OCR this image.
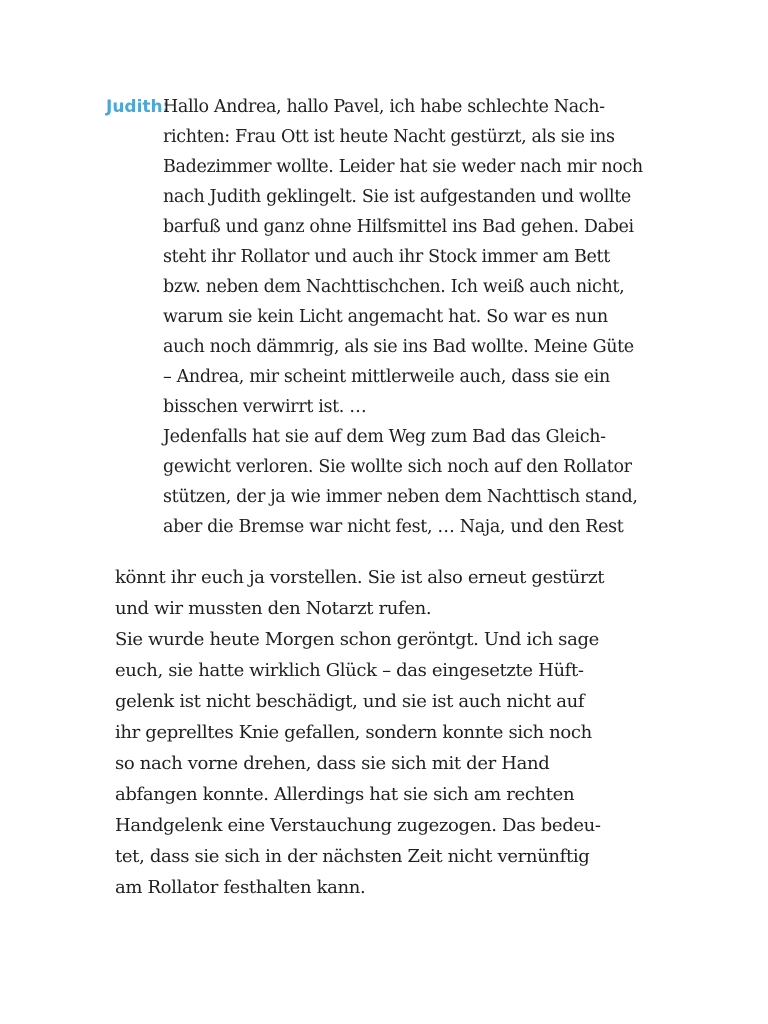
Judith:
Hallo Andrea, hallo Pavel, ich habe schlechte Nach-
richten: Frau Ott ist heute Nacht gestürzt, als sie ins
Badezimmer wollte. Leider hat sie weder nach mir noch
nach Judith geklingelt. Sie ist aufgestanden und wollte
barfuß und ganz ohne Hilfsmittel ins Bad gehen. Dabei
steht ihr Rollator und auch ihr Stock immer am Bett
bzw. neben dem Nachttischchen. Ich weiß auch nicht,
warum sie kein Licht angemacht hat. So war es nun
auch noch dämmrig, als sie ins Bad wollte. Meine Güte
– Andrea, mir scheint mittlerweile auch, dass sie ein
bisschen verwirrt ist. …
Jedenfalls hat sie auf dem Weg zum Bad das Gleich-
gewicht verloren. Sie wollte sich noch auf den Rollator
stützen, der ja wie immer neben dem Nachttisch stand,
aber die Bremse war nicht fest, … Naja, und den Rest
könnt ihr euch ja vorstellen. Sie ist also erneut gestürzt
und wir mussten den Notarzt rufen.
Sie wurde heute Morgen schon geröntgt. Und ich sage
euch, sie hatte wirklich Glück – das eingesetzte Hüft-
gelenk ist nicht beschädigt, und sie ist auch nicht auf
ihr geprelltes Knie gefallen, sondern konnte sich noch
so nach vorne drehen, dass sie sich mit der Hand
abfangen konnte. Allerdings hat sie sich am rechten
Handgelenk eine Verstauchung zugezogen. Das bedeu-
tet, dass sie sich in der nächsten Zeit nicht vernünftig
am Rollator festhalten kann.
